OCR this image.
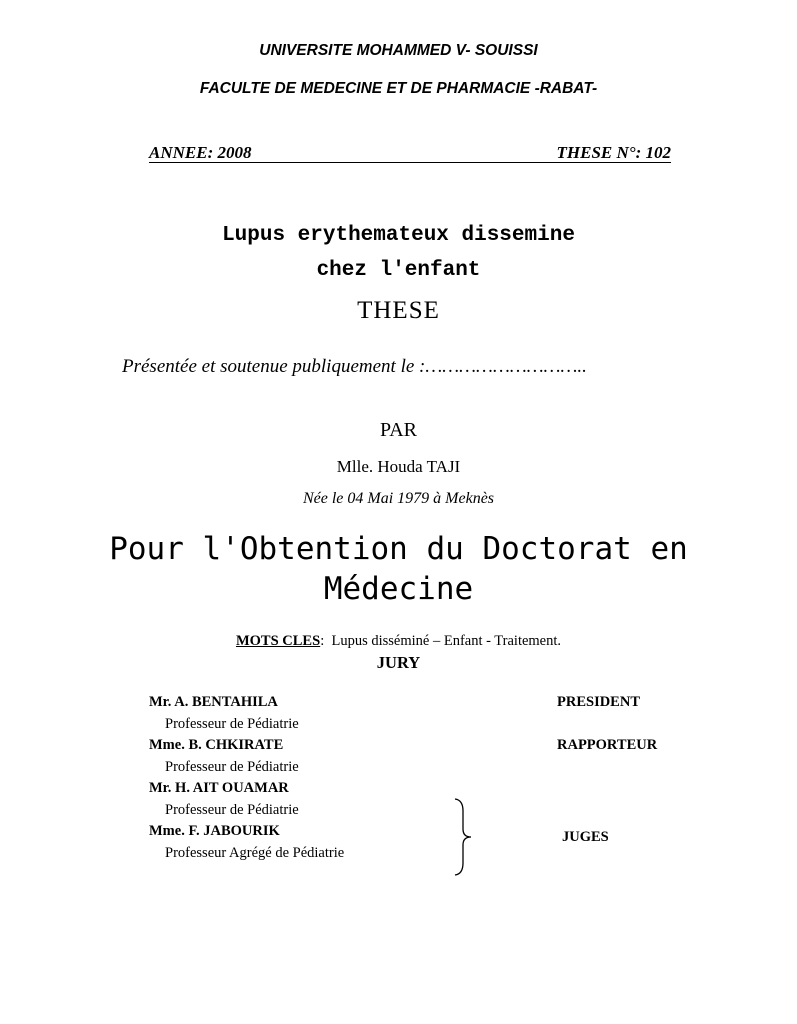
UNIVERSITE MOHAMMED V- SOUISSI
FACULTE DE MEDECINE ET DE PHARMACIE -RABAT-
ANNEE: 2008	THESE N°: 102
Lupus erythemateux dissemine
chez l'enfant
THESE
Présentée et soutenue publiquement le :………………………..
PAR
Mlle. Houda TAJI
Née le 04 Mai 1979 à Meknès
Pour l'Obtention du Doctorat en
Médecine
MOTS CLES: Lupus disséminé – Enfant - Traitement.
JURY
Mr. A. BENTAHILA
Professeur de Pédiatrie
PRESIDENT
Mme. B. CHKIRATE
Professeur de Pédiatrie
RAPPORTEUR
Mr. H. AIT OUAMAR
Professeur de Pédiatrie
Mme. F. JABOURIK
Professeur Agrégé de Pédiatrie
JUGES
